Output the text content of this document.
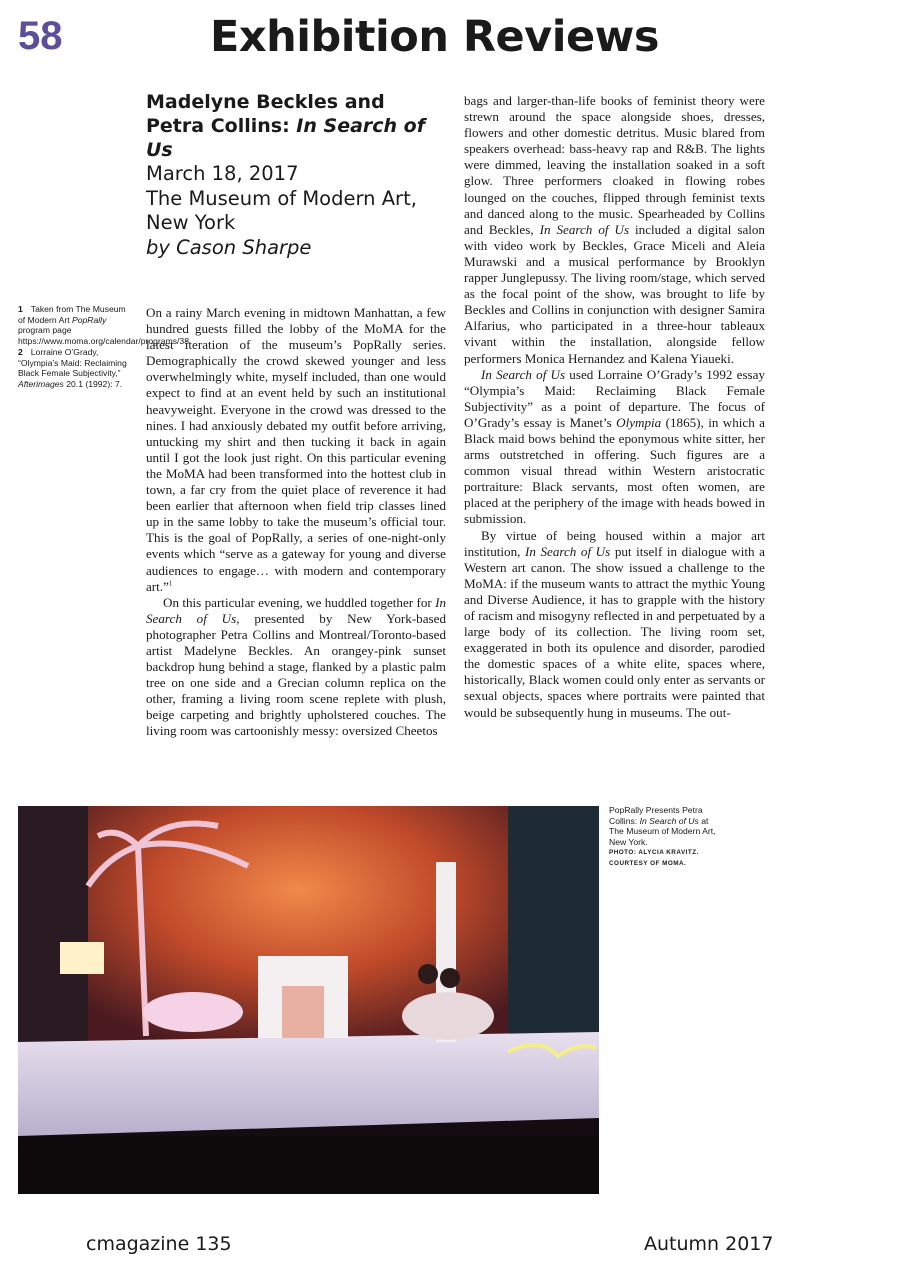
58	Exhibition Reviews
Madelyne Beckles and Petra Collins: In Search of Us
March 18, 2017
The Museum of Modern Art,
New York
by Cason Sharpe

1 Taken from The Museum of Modern Art PopRally program page https://www.moma.org/calendar/programs/38

2 Lorraine O’Grady, “Olympia’s Maid: Reclaiming Black Female Subjectivity,” Afterimages 20.1 (1992): 7.

On a rainy March evening in midtown Manhattan, a few hundred guests filled the lobby of the MoMA for the latest iteration of the museum’s PopRally series. Demographically the crowd skewed younger and less overwhelmingly white, myself included, than one would expect to find at an event held by such an institutional heavyweight. Everyone in the crowd was dressed to the nines. I had anxiously debated my outfit before arriving, untucking my shirt and then tucking it back in again until I got the look just right. On this particular evening the MoMA had been transformed into the hottest club in town, a far cry from the quiet place of reverence it had been earlier that afternoon when field trip classes lined up in the same lobby to take the museum’s official tour. This is the goal of PopRally, a series of one-night-only events which “serve as a gateway for young and diverse audiences to engage… with modern and contemporary art.”$^1$

On this particular evening, we huddled together for In Search of Us, presented by New York-based photographer Petra Collins and Montreal/Toronto-based artist Madelyne Beckles. An orangey-pink sunset backdrop hung behind a stage, flanked by a plastic palm tree on one side and a Grecian column replica on the other, framing a living room scene replete with plush, beige carpeting and brightly upholstered couches. The living room was cartoonishly messy: oversized Cheetos

bags and larger-than-life books of feminist theory were strewn around the space alongside shoes, dresses, flowers and other domestic detritus. Music blared from speakers overhead: bass-heavy rap and R&B. The lights were dimmed, leaving the installation soaked in a soft glow. Three performers cloaked in flowing robes lounged on the couches, flipped through feminist texts and danced along to the music. Spearheaded by Collins and Beckles, In Search of Us included a digital salon with video work by Beckles, Grace Miceli and Aleia Murawski and a musical performance by Brooklyn rapper Junglepussy. The living room/stage, which served as the focal point of the show, was brought to life by Beckles and Collins in conjunction with designer Samira Alfarius, who participated in a three-hour tableaux vivant within the installation, alongside fellow performers Monica Hernandez and Kalena Yiaueki.

In Search of Us used Lorraine O’Grady’s 1992 essay “Olympia’s Maid: Reclaiming Black Female Subjectivity” as a point of departure. The focus of O’Grady’s essay is Manet’s Olympia (1865), in which a Black maid bows behind the eponymous white sitter, her arms outstretched in offering. Such figures are a common visual thread within Western aristocratic portraiture: Black servants, most often women, are placed at the periphery of the image with heads bowed in submission.

By virtue of being housed within a major art institution, In Search of Us put itself in dialogue with a Western art canon. The show issued a challenge to the MoMA: if the museum wants to attract the mythic Young and Diverse Audience, it has to grapple with the history of racism and misogyny reflected in and perpetuated by a large body of its collection. The living room set, exaggerated in both its opulence and disorder, parodied the domestic spaces of a white elite, spaces where, historically, Black women could only enter as servants or sexual objects, spaces where portraits were painted that would be subsequently hung in museums. The out-

PopRally Presents Petra Collins: In Search of Us at The Museum of Modern Art, New York.
PHOTO: ALYCIA KRAVITZ.
COURTESY OF MOMA.
cmagazine 135	Autumn 2017
